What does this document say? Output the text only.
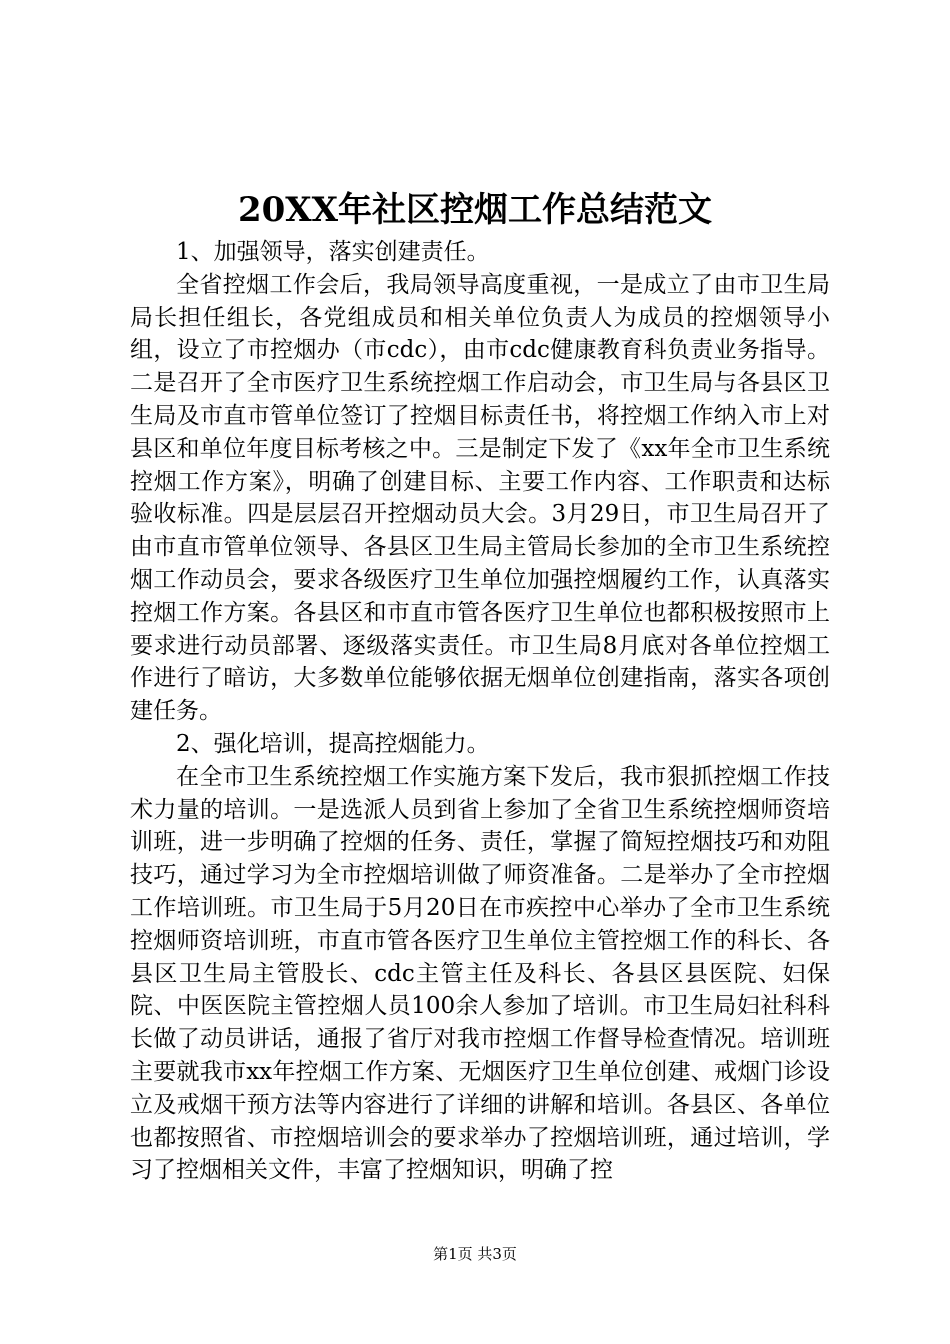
20XX年社区控烟工作总结范文

1、加强领导，落实创建责任。

全省控烟工作会后，我局领导高度重视，一是成立了由市卫生局局长担任组长，各党组成员和相关单位负责人为成员的控烟领导小组，设立了市控烟办（市cdc），由市cdc健康教育科负责业务指导。二是召开了全市医疗卫生系统控烟工作启动会，市卫生局与各县区卫生局及市直市管单位签订了控烟目标责任书，将控烟工作纳入市上对县区和单位年度目标考核之中。三是制定下发了《xx年全市卫生系统控烟工作方案》，明确了创建目标、主要工作内容、工作职责和达标验收标准。四是层层召开控烟动员大会。3月29日，市卫生局召开了由市直市管单位领导、各县区卫生局主管局长参加的全市卫生系统控烟工作动员会，要求各级医疗卫生单位加强控烟履约工作，认真落实控烟工作方案。各县区和市直市管各医疗卫生单位也都积极按照市上要求进行动员部署、逐级落实责任。市卫生局8月底对各单位控烟工作进行了暗访，大多数单位能够依据无烟单位创建指南，落实各项创建任务。

2、强化培训，提高控烟能力。

在全市卫生系统控烟工作实施方案下发后，我市狠抓控烟工作技术力量的培训。一是选派人员到省上参加了全省卫生系统控烟师资培训班，进一步明确了控烟的任务、责任，掌握了简短控烟技巧和劝阻技巧，通过学习为全市控烟培训做了师资准备。二是举办了全市控烟工作培训班。市卫生局于5月20日在市疾控中心举办了全市卫生系统控烟师资培训班，市直市管各医疗卫生单位主管控烟工作的科长、各县区卫生局主管股长、cdc主管主任及科长、各县区县医院、妇保院、中医医院主管控烟人员100余人参加了培训。市卫生局妇社科科长做了动员讲话，通报了省厅对我市控烟工作督导检查情况。培训班主要就我市xx年控烟工作方案、无烟医疗卫生单位创建、戒烟门诊设立及戒烟干预方法等内容进行了详细的讲解和培训。各县区、各单位也都按照省、市控烟培训会的要求举办了控烟培训班，通过培训，学习了控烟相关文件，丰富了控烟知识，明确了控

第1页 共3页
